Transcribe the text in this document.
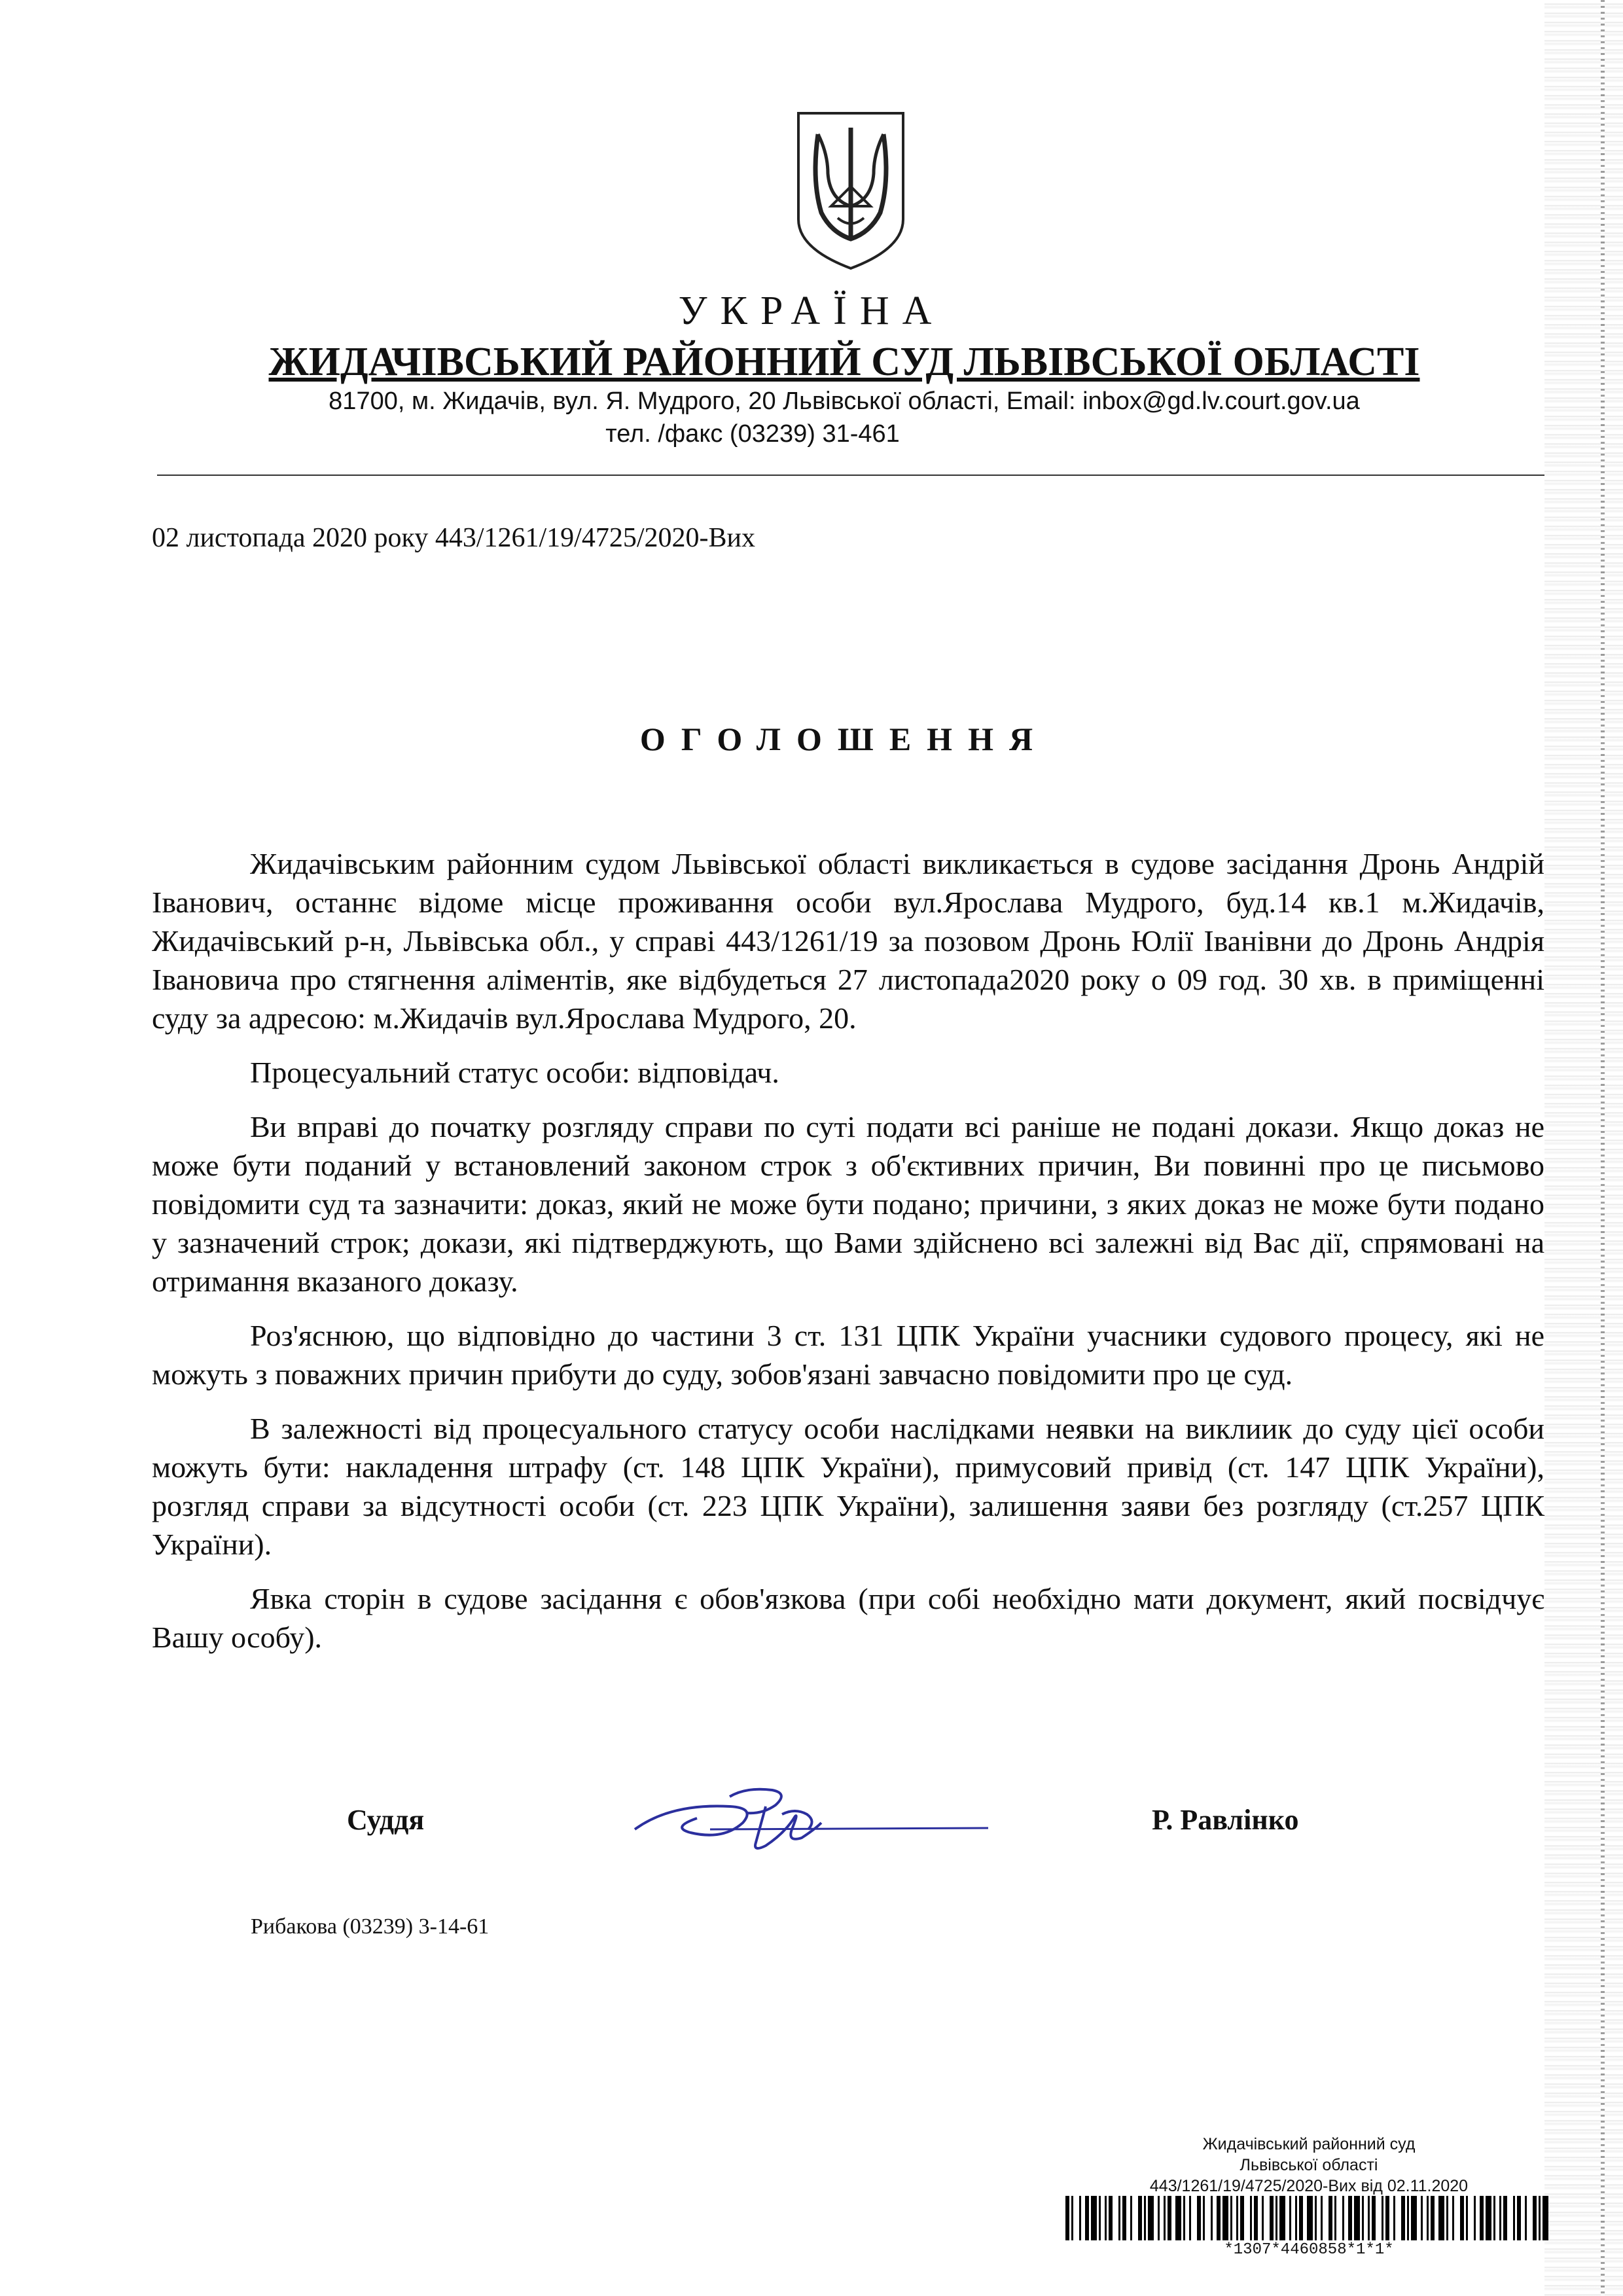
УКРАЇНА
ЖИДАЧІВСЬКИЙ РАЙОННИЙ СУД ЛЬВІВСЬКОЇ ОБЛАСТІ
81700, м. Жидачів, вул. Я. Мудрого, 20 Львівської області, Email: inbox@gd.lv.court.gov.ua
тел. /факс (03239) 31-461
02 листопада 2020 року 443/1261/19/4725/2020-Вих
ОГОЛОШЕННЯ

Жидачівським районним судом Львівської області викликається в судове засідання Дронь Андрій Іванович, останнє відоме місце проживання особи вул.Ярослава Мудрого, буд.14 кв.1 м.Жидачів, Жидачівський р-н, Львівська обл., у справі 443/1261/19 за позовом Дронь Юлії Іванівни до Дронь Андрія Івановича про стягнення аліментів, яке відбудеться 27 листопада2020 року о 09 год. 30 хв. в приміщенні суду за адресою: м.Жидачів вул.Ярослава Мудрого, 20.

Процесуальний статус особи: відповідач.

Ви вправі до початку розгляду справи по суті подати всі раніше не подані докази. Якщо доказ не може бути поданий у встановлений законом строк з об'єктивних причин, Ви повинні про це письмово повідомити суд та зазначити: доказ, який не може бути подано; причини, з яких доказ не може бути подано у зазначений строк; докази, які підтверджують, що Вами здійснено всі залежні від Вас дії, спрямовані на отримання вказаного доказу.

Роз'яснюю, що відповідно до частини 3 ст. 131 ЦПК України учасники судового процесу, які не можуть з поважних причин прибути до суду, зобов'язані завчасно повідомити про це суд.

В залежності від процесуального статусу особи наслідками неявки на виклиик до суду цієї особи можуть бути: накладення штрафу (ст. 148 ЦПК України), примусовий привід (ст. 147 ЦПК України), розгляд справи за відсутності особи (ст. 223 ЦПК України), залишення заяви без розгляду (ст.257 ЦПК України).

Явка сторін в судове засідання є обов'язкова (при собі необхідно мати документ, який посвідчує Вашу особу).

Суддя	Р. Равлінко
Рибакова (03239) 3-14-61
Жидачівський районний суд
Львівської області
443/1261/19/4725/2020-Вих від 02.11.2020
*1307*4460858*1*1*
